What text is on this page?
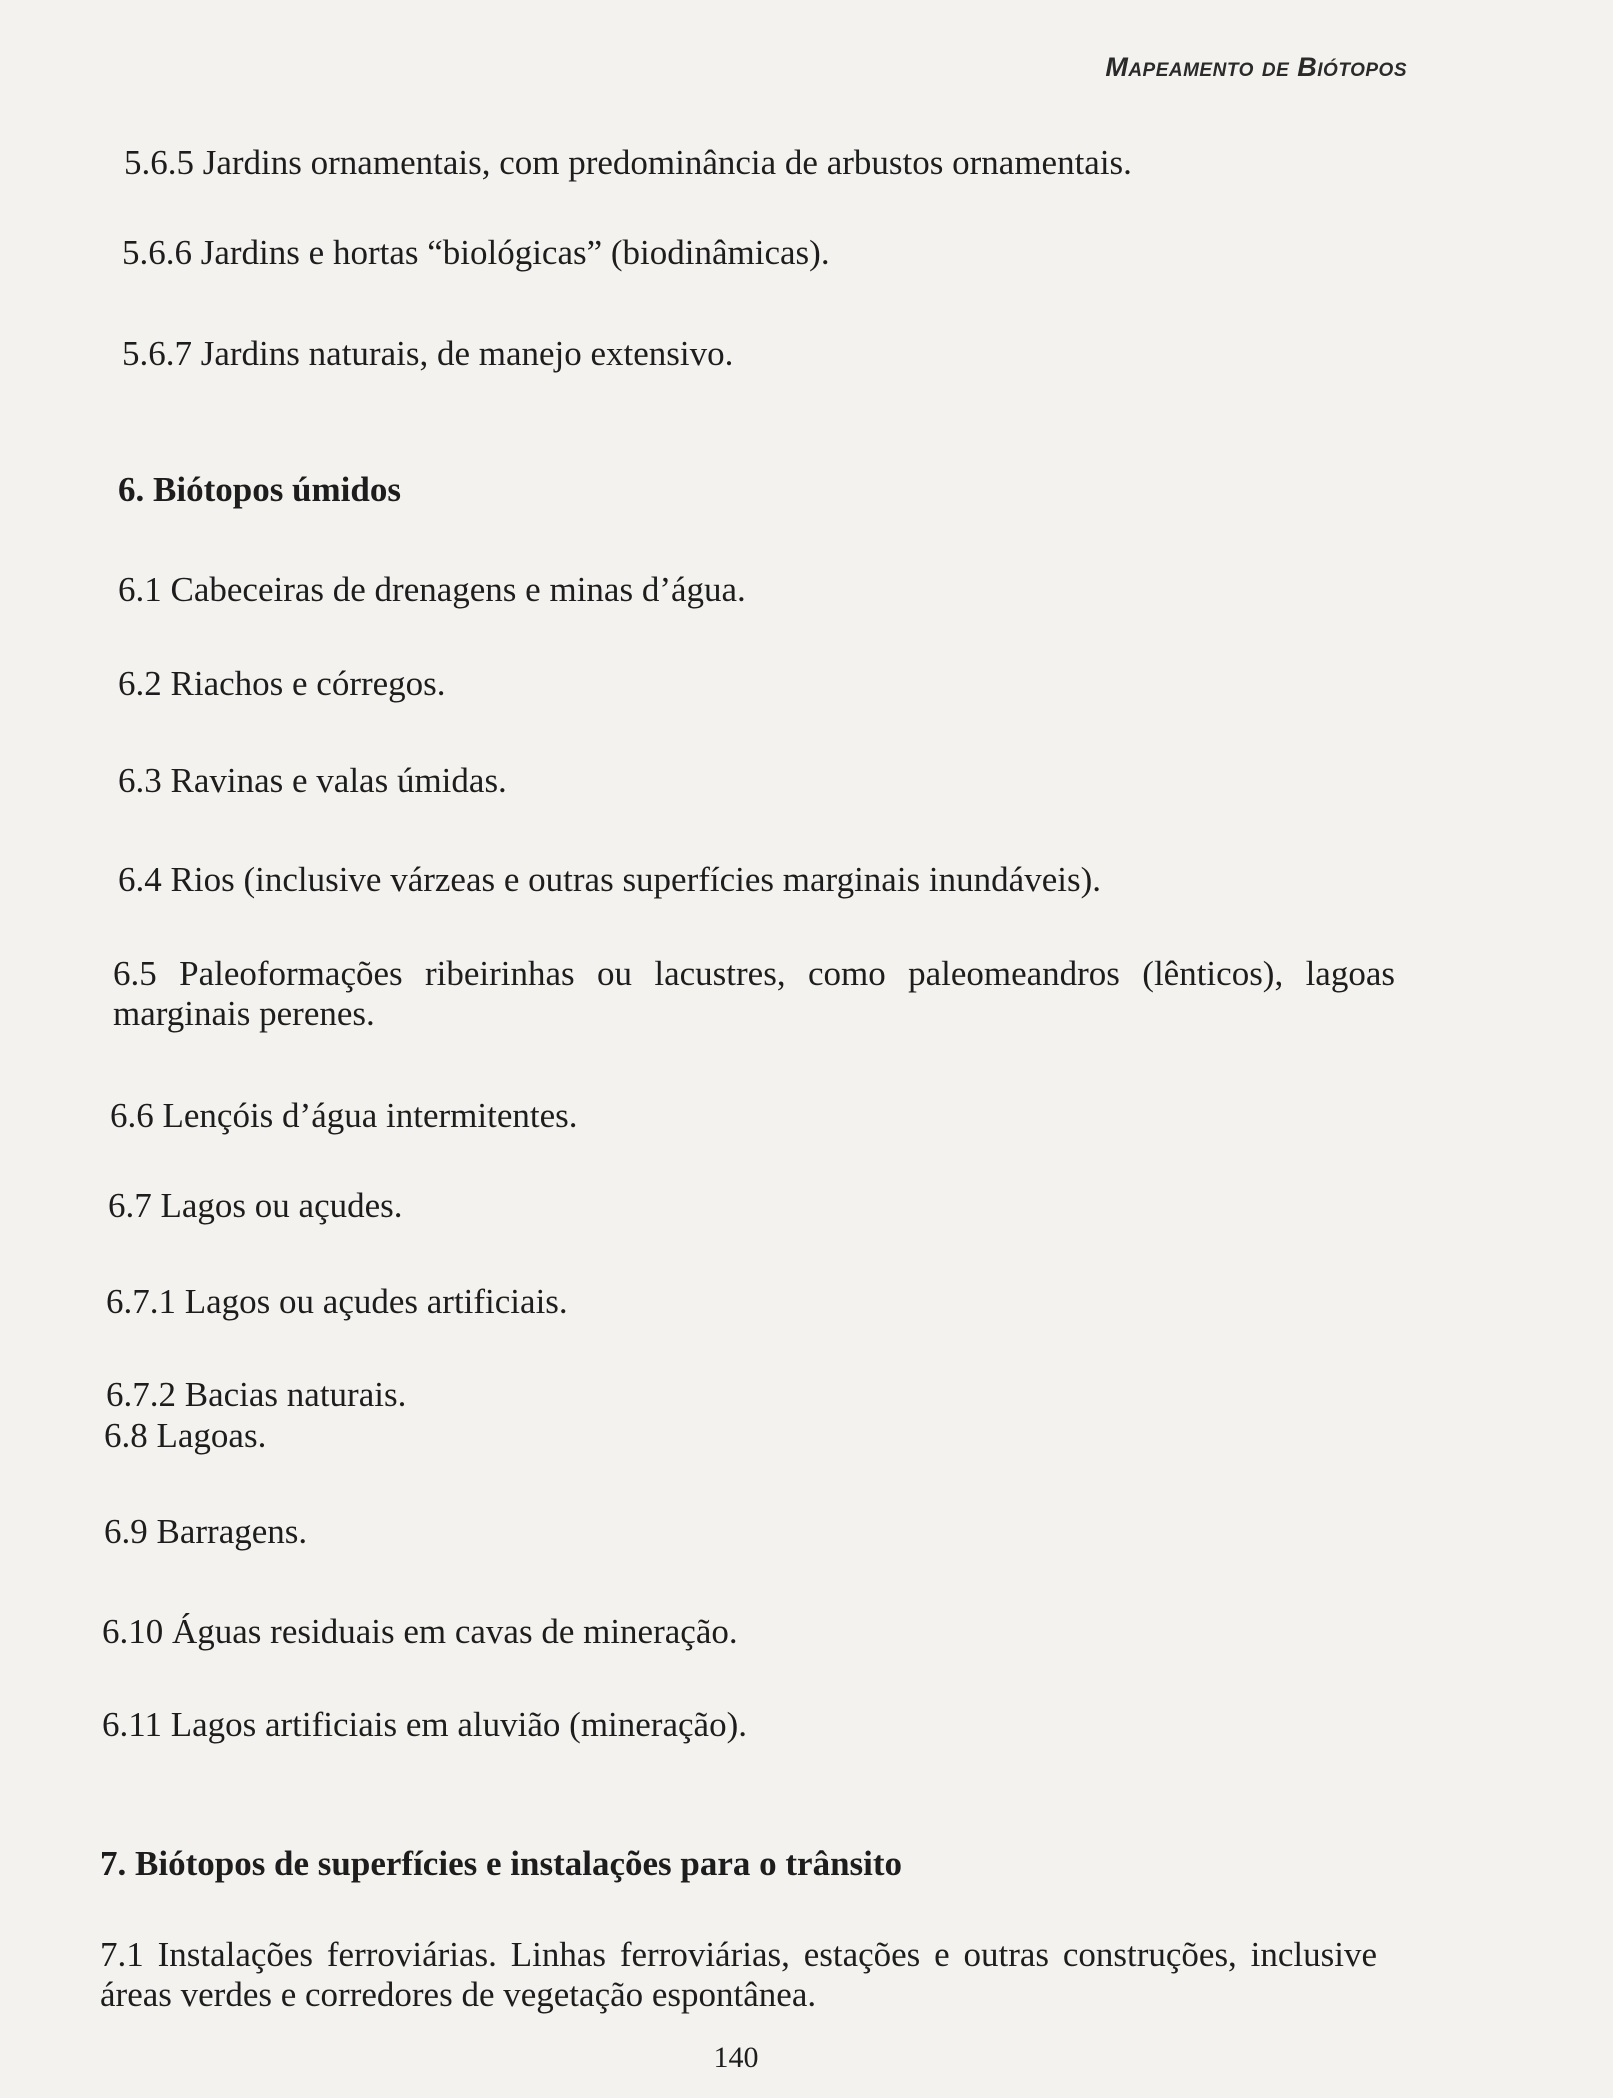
Mapeamento de Biótopos
5.6.5 Jardins ornamentais, com predominância de arbustos ornamentais.
5.6.6 Jardins e hortas “biológicas” (biodinâmicas).
5.6.7 Jardins naturais, de manejo extensivo.
6. Biótopos úmidos
6.1 Cabeceiras de drenagens e minas d’água.
6.2 Riachos e córregos.
6.3 Ravinas e valas úmidas.
6.4 Rios (inclusive várzeas e outras superfícies marginais inundáveis).
6.5 Paleoformações ribeirinhas ou lacustres, como paleomeandros (lênticos), lagoas marginais perenes.
6.6 Lençóis d’água intermitentes.
6.7 Lagos ou açudes.
6.7.1 Lagos ou açudes artificiais.
6.7.2 Bacias naturais.
6.8 Lagoas.
6.9 Barragens.
6.10 Águas residuais em cavas de mineração.
6.11 Lagos artificiais em aluvião (mineração).
7. Biótopos de superfícies e instalações para o trânsito
7.1 Instalações ferroviárias. Linhas ferroviárias, estações e outras construções, inclusive áreas verdes e corredores de vegetação espontânea.
140
